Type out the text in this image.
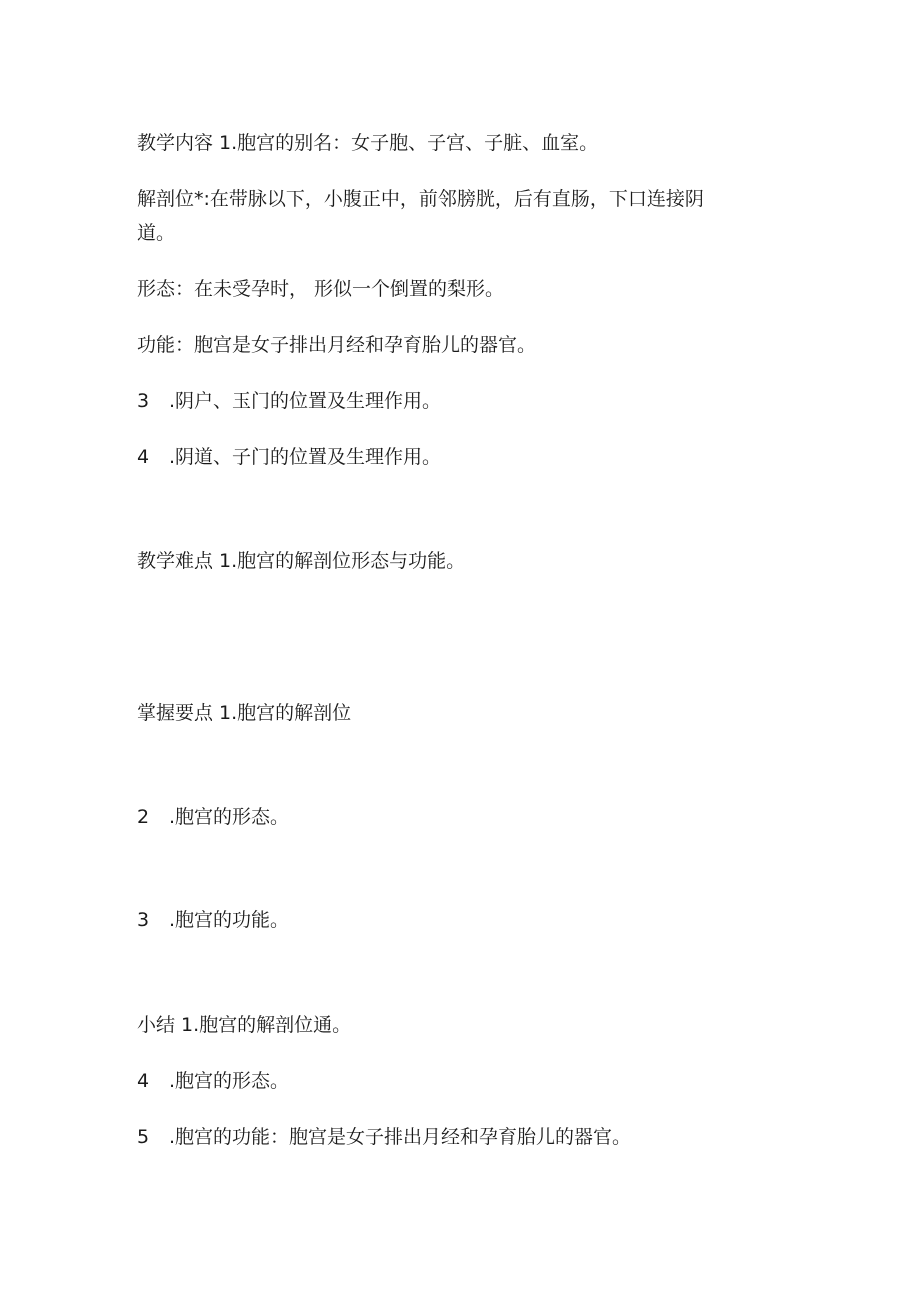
教学内容 1.胞宫的别名：女子胞、子宫、子脏、血室。
解剖位*:在带脉以下，小腹正中，前邻膀胱，后有直肠，下口连接阴道。
形态：在未受孕时， 形似一个倒置的梨形。
功能：胞宫是女子排出月经和孕育胎儿的器官。
3 .阴户、玉门的位置及生理作用。
4 .阴道、子门的位置及生理作用。
教学难点 1.胞宫的解剖位形态与功能。
掌握要点 1.胞宫的解剖位
2 .胞宫的形态。
3 .胞宫的功能。
小结 1.胞宫的解剖位通。
4 .胞宫的形态。
5 .胞宫的功能：胞宫是女子排出月经和孕育胎儿的器官。
